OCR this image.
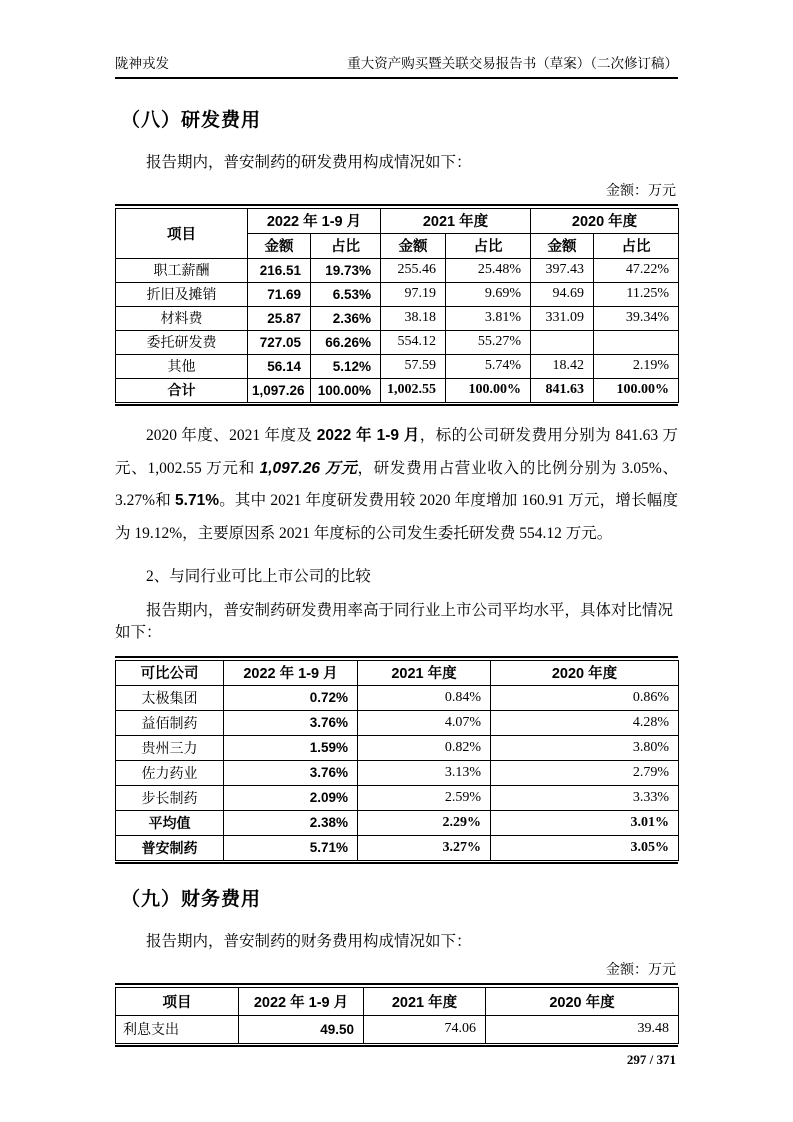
陇神戎发	重大资产购买暨关联交易报告书（草案）（二次修订稿）
（八）研发费用
报告期内，普安制药的研发费用构成情况如下：
金额：万元
项目	2022 年 1-9 月		2021 年度		2020 年度	
	金额	占比	金额	占比	金额	占比
职工薪酬	216.51	19.73%	255.46	25.48%	397.43	47.22%
折旧及摊销	71.69	6.53%	97.19	9.69%	94.69	11.25%
材料费	25.87	2.36%	38.18	3.81%	331.09	39.34%
委托研发费	727.05	66.26%	554.12	55.27%		
其他	56.14	5.12%	57.59	5.74%	18.42	2.19%
合计	1,097.26	100.00%	1,002.55	100.00%	841.63	100.00%
2020 年度、2021 年度及 2022 年 1-9 月，标的公司研发费用分别为 841.63 万元、1,002.55 万元和 1,097.26 万元，研发费用占营业收入的比例分别为 3.05%、3.27%和 5.71%。其中 2021 年度研发费用较 2020 年度增加 160.91 万元，增长幅度为 19.12%，主要原因系 2021 年度标的公司发生委托研发费 554.12 万元。
2、与同行业可比上市公司的比较
报告期内，普安制药研发费用率高于同行业上市公司平均水平，具体对比情况如下：
可比公司	2022 年 1-9 月	2021 年度	2020 年度
太极集团	0.72%	0.84%	0.86%
益佰制药	3.76%	4.07%	4.28%
贵州三力	1.59%	0.82%	3.80%
佐力药业	3.76%	3.13%	2.79%
步长制药	2.09%	2.59%	3.33%
平均值	2.38%	2.29%	3.01%
普安制药	5.71%	3.27%	3.05%
（九）财务费用
报告期内，普安制药的财务费用构成情况如下：
金额：万元
项目	2022 年 1-9 月	2021 年度	2020 年度
利息支出	49.50	74.06	39.48
297 / 371
